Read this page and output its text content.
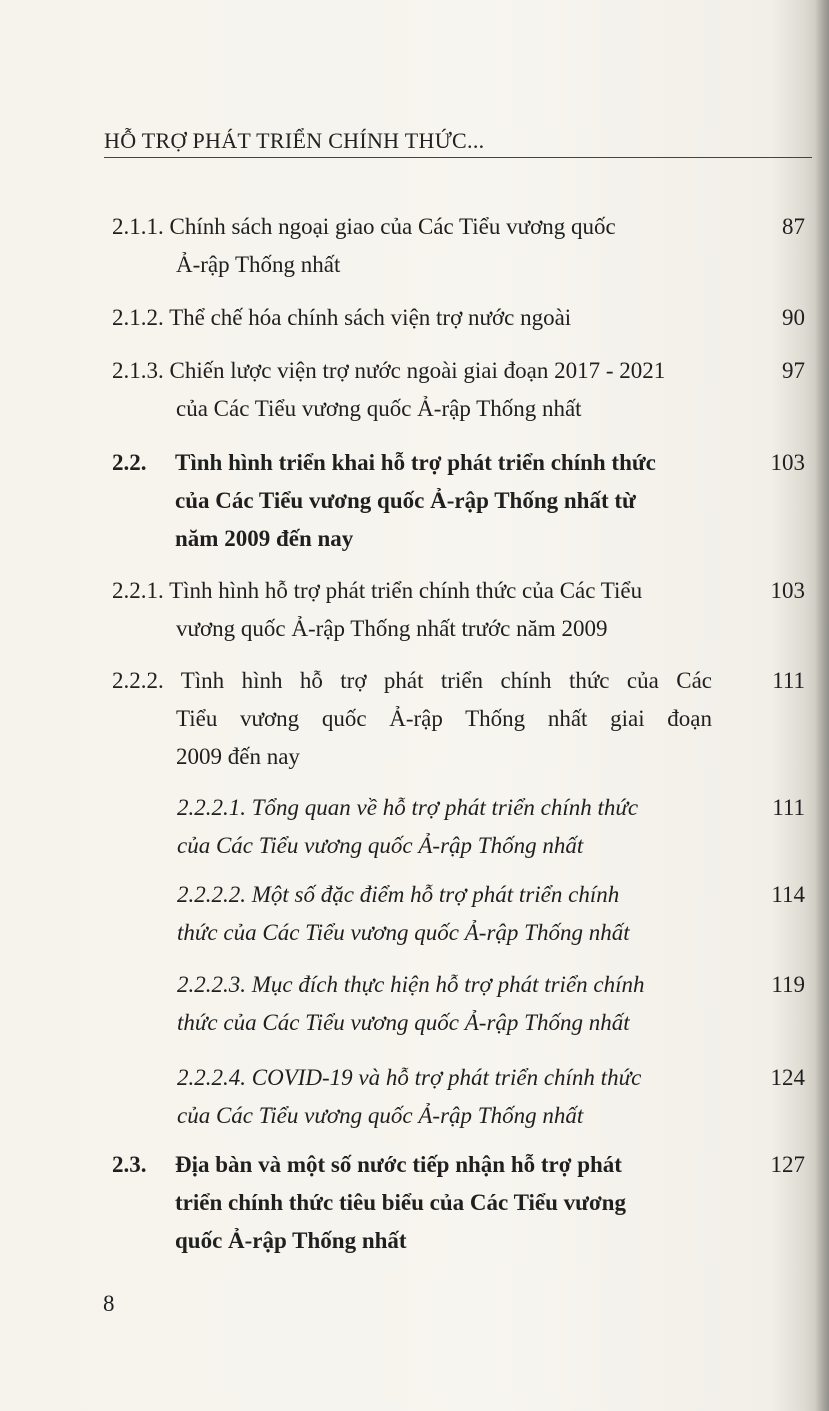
HỖ TRỢ PHÁT TRIỂN CHÍNH THỨC...
2.1.1. Chính sách ngoại giao của Các Tiểu vương quốc
Ả-rập Thống nhất
87
2.1.2. Thể chế hóa chính sách viện trợ nước ngoài	90
2.1.3. Chiến lược viện trợ nước ngoài giai đoạn 2017 - 2021
của Các Tiểu vương quốc Ả-rập Thống nhất
97
2.2. Tình hình triển khai hỗ trợ phát triển chính thức
của Các Tiểu vương quốc Ả-rập Thống nhất từ
năm 2009 đến nay
103
2.2.1. Tình hình hỗ trợ phát triển chính thức của Các Tiểu
vương quốc Ả-rập Thống nhất trước năm 2009
103
2.2.2. Tình hình hỗ trợ phát triển chính thức của Các
Tiểu vương quốc Ả-rập Thống nhất giai đoạn
2009 đến nay
111
2.2.2.1. Tổng quan về hỗ trợ phát triển chính thức
của Các Tiểu vương quốc Ả-rập Thống nhất
111
2.2.2.2. Một số đặc điểm hỗ trợ phát triển chính
thức của Các Tiểu vương quốc Ả-rập Thống nhất
114
2.2.2.3. Mục đích thực hiện hỗ trợ phát triển chính
thức của Các Tiểu vương quốc Ả-rập Thống nhất
119
2.2.2.4. COVID-19 và hỗ trợ phát triển chính thức
của Các Tiểu vương quốc Ả-rập Thống nhất
124
2.3. Địa bàn và một số nước tiếp nhận hỗ trợ phát
triển chính thức tiêu biểu của Các Tiểu vương
quốc Ả-rập Thống nhất
127
8
